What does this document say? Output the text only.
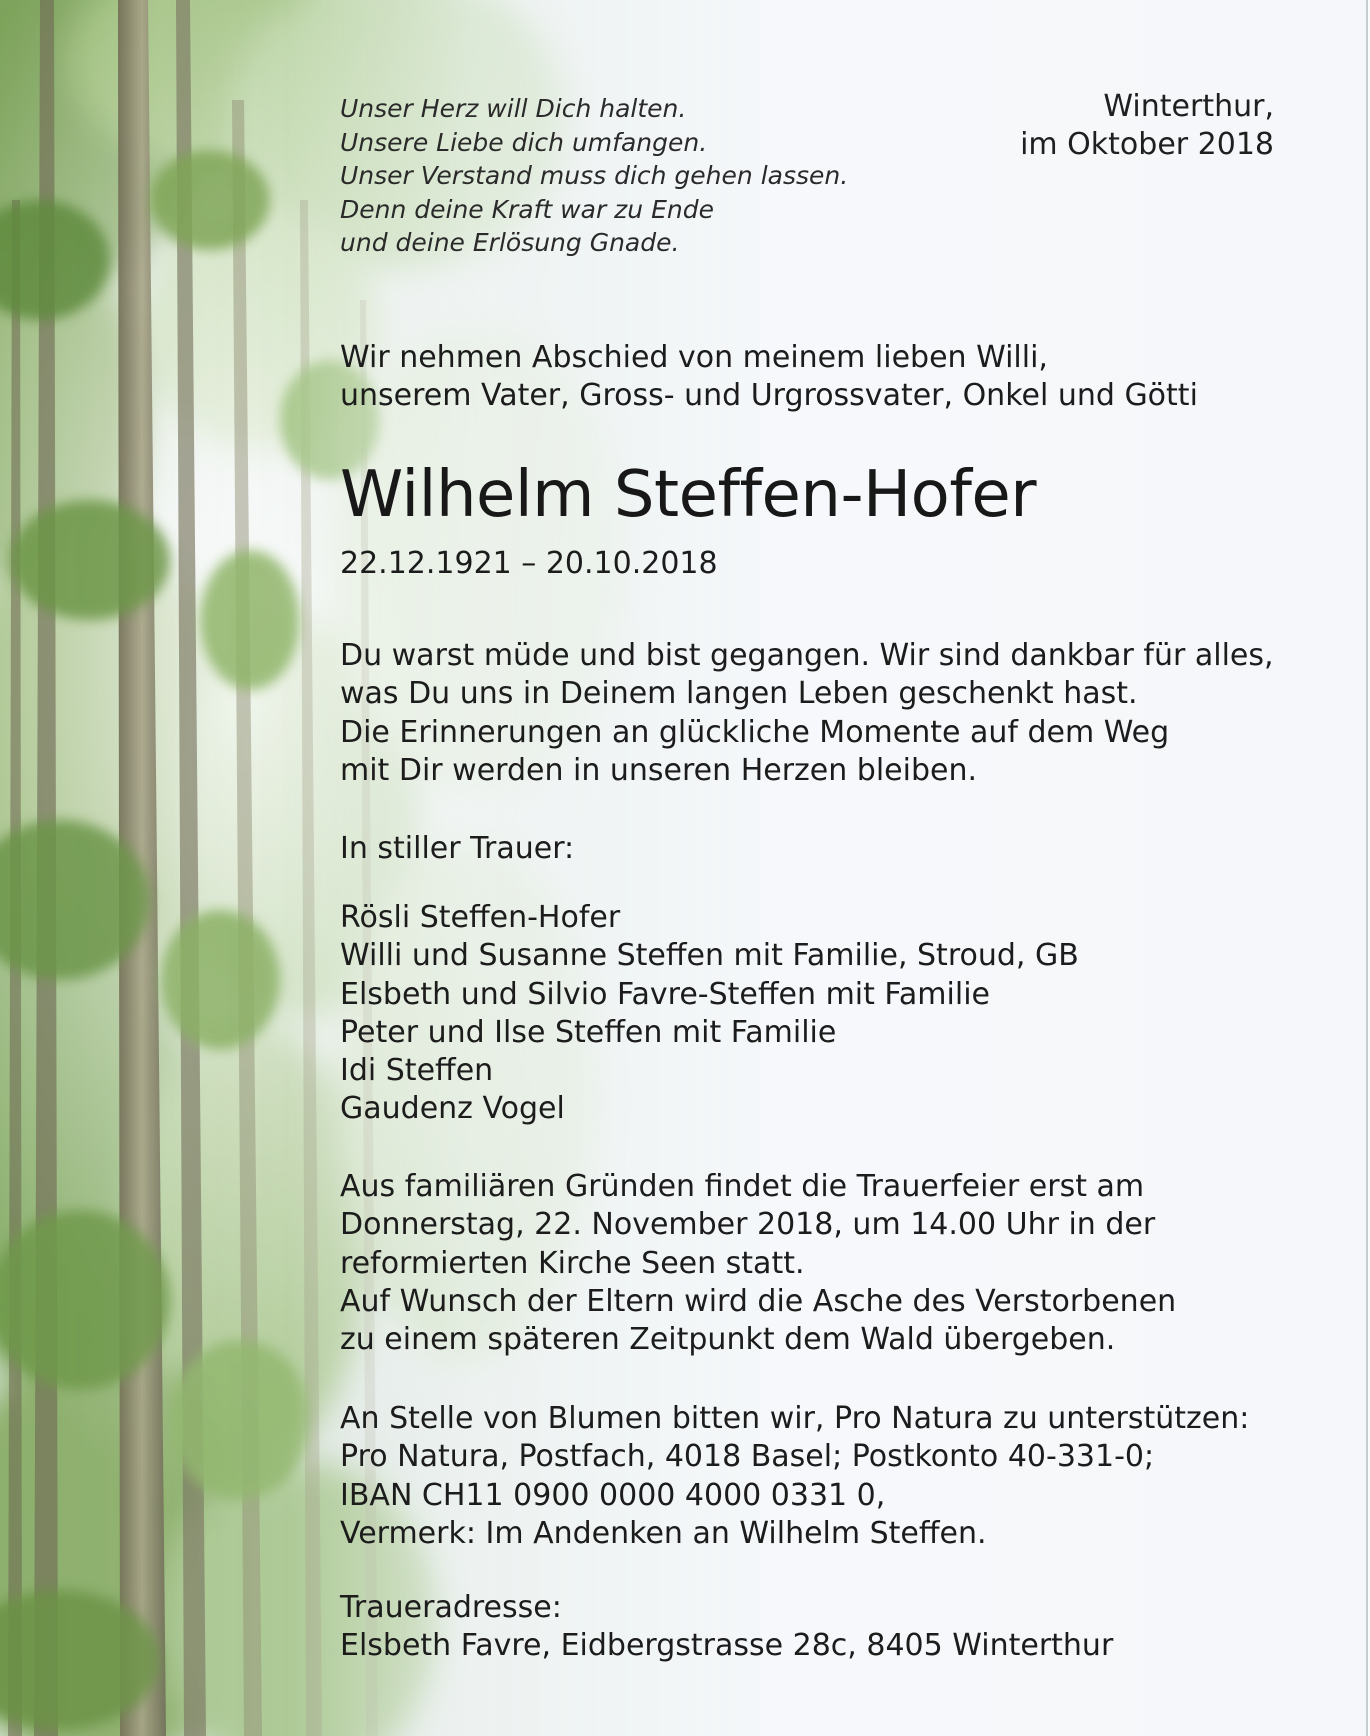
Unser Herz will Dich halten.
Unsere Liebe dich umfangen.
Unser Verstand muss dich gehen lassen.
Denn deine Kraft war zu Ende
und deine Erlösung Gnade.
Winterthur,
im Oktober 2018
Wir nehmen Abschied von meinem lieben Willi,
unserem Vater, Gross- und Urgrossvater, Onkel und Götti
Wilhelm Steffen-Hofer
22.12.1921 – 20.10.2018
Du warst müde und bist gegangen. Wir sind dankbar für alles,
was Du uns in Deinem langen Leben geschenkt hast.
Die Erinnerungen an glückliche Momente auf dem Weg
mit Dir werden in unseren Herzen bleiben.
In stiller Trauer:
Rösli Steffen-Hofer
Willi und Susanne Steffen mit Familie, Stroud, GB
Elsbeth und Silvio Favre-Steffen mit Familie
Peter und Ilse Steffen mit Familie
Idi Steffen
Gaudenz Vogel
Aus familiären Gründen findet die Trauerfeier erst am
Donnerstag, 22. November 2018, um 14.00 Uhr in der
reformierten Kirche Seen statt.
Auf Wunsch der Eltern wird die Asche des Verstorbenen
zu einem späteren Zeitpunkt dem Wald übergeben.
An Stelle von Blumen bitten wir, Pro Natura zu unterstützen:
Pro Natura, Postfach, 4018 Basel; Postkonto 40-331-0;
IBAN CH11 0900 0000 4000 0331 0,
Vermerk: Im Andenken an Wilhelm Steffen.
Traueradresse:
Elsbeth Favre, Eidbergstrasse 28c, 8405 Winterthur
